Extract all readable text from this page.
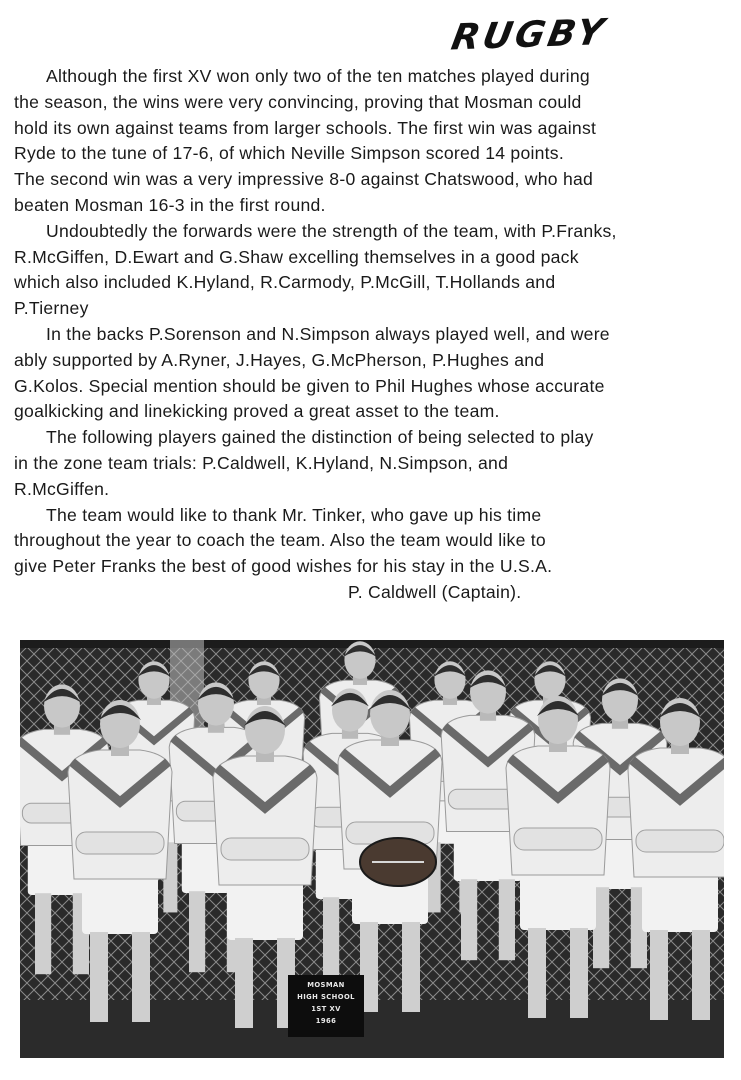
RUGBY
Although the first XV won only two of the ten matches played during
the season, the wins were very convincing, proving that Mosman could
hold its own against teams from larger schools. The first win was against
Ryde to the tune of 17-6, of which Neville Simpson scored 14 points.
The second win was a very impressive 8-0 against Chatswood, who had
beaten Mosman 16-3 in the first round.
Undoubtedly the forwards were the strength of the team, with P.Franks,
R.McGiffen, D.Ewart and G.Shaw excelling themselves in a good pack
which also included K.Hyland, R.Carmody, P.McGill, T.Hollands and
P.Tierney
In the backs P.Sorenson and N.Simpson always played well, and were
ably supported by A.Ryner, J.Hayes, G.McPherson, P.Hughes and
G.Kolos. Special mention should be given to Phil Hughes whose accurate
goalkicking and linekicking proved a great asset to the team.
The following players gained the distinction of being selected to play
in the zone team trials: P.Caldwell, K.Hyland, N.Simpson, and
R.McGiffen.
The team would like to thank Mr. Tinker, who gave up his time
throughout the year to coach the team. Also the team would like to
give Peter Franks the best of good wishes for his stay in the U.S.A.
P. Caldwell (Captain).
MOSMAN
HIGH SCHOOL
1ST XV
1966
